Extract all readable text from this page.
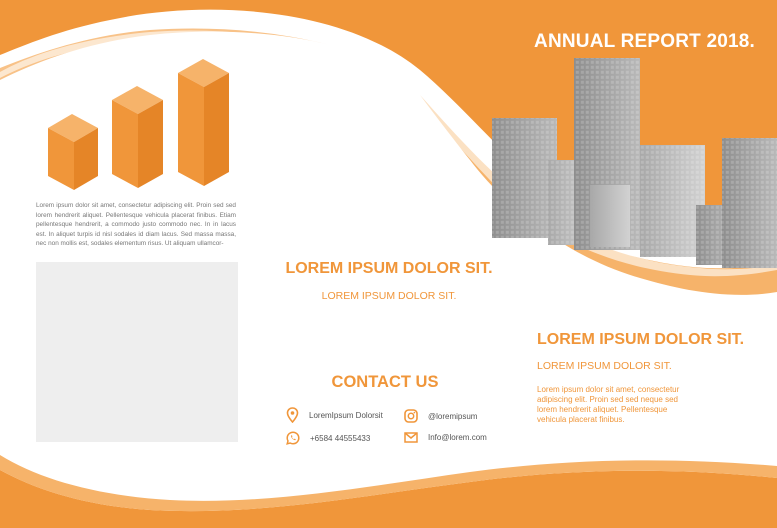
ANNUAL REPORT 2018.
Lorem ipsum dolor sit amet, consectetur adipiscing elit. Proin sed sed lorem hendrerit aliquet. Pellentesque vehicula placerat finibus. Etiam pellentesque hendrerit, a commodo justo commodo nec. In in lacus est. In aliquet turpis id nisl sodales id diam lacus. Sed massa massa, nec non mollis est, sodales elementum risus. Ut aliquam ullamcor-
LOREM IPSUM DOLOR SIT.
LOREM IPSUM DOLOR SIT.
CONTACT US
LoremIpsum Dolorsit	@loremipsum
+6584 44555433	Info@lorem.com
LOREM IPSUM DOLOR SIT.
LOREM IPSUM DOLOR SIT.
Lorem ipsum dolor sit amet, consectetur adipiscing elit. Proin sed sed neque sed lorem hendrerit aliquet. Pellentesque vehicula placerat finibus.
